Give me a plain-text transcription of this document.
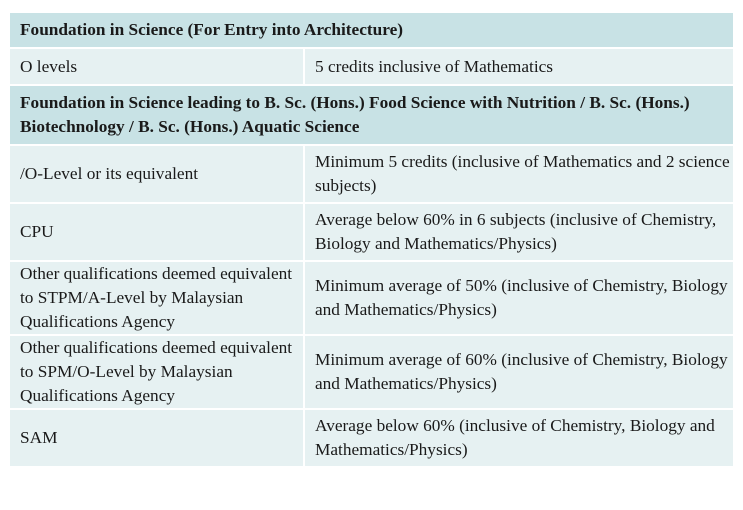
Foundation in Science (For Entry into Architecture)	
O levels	5 credits inclusive of Mathematics
Foundation in Science leading to B. Sc. (Hons.) Food Science with Nutrition / B. Sc. (Hons.) Biotechnology / B. Sc. (Hons.) Aquatic Science	
/O-Level or its equivalent	Minimum 5 credits (inclusive of Mathematics and 2 science subjects)
CPU	Average below 60% in 6 subjects (inclusive of Chemistry, Biology and Mathematics/Physics)
Other qualifications deemed equivalent to STPM/A-Level by Malaysian Qualifications Agency	Minimum average of 50% (inclusive of Chemistry, Biology and Mathematics/Physics)
Other qualifications deemed equivalent to SPM/O-Level by Malaysian Qualifications Agency	Minimum average of 60% (inclusive of Chemistry, Biology and Mathematics/Physics)
SAM	Average below 60% (inclusive of Chemistry, Biology and Mathematics/Physics)
